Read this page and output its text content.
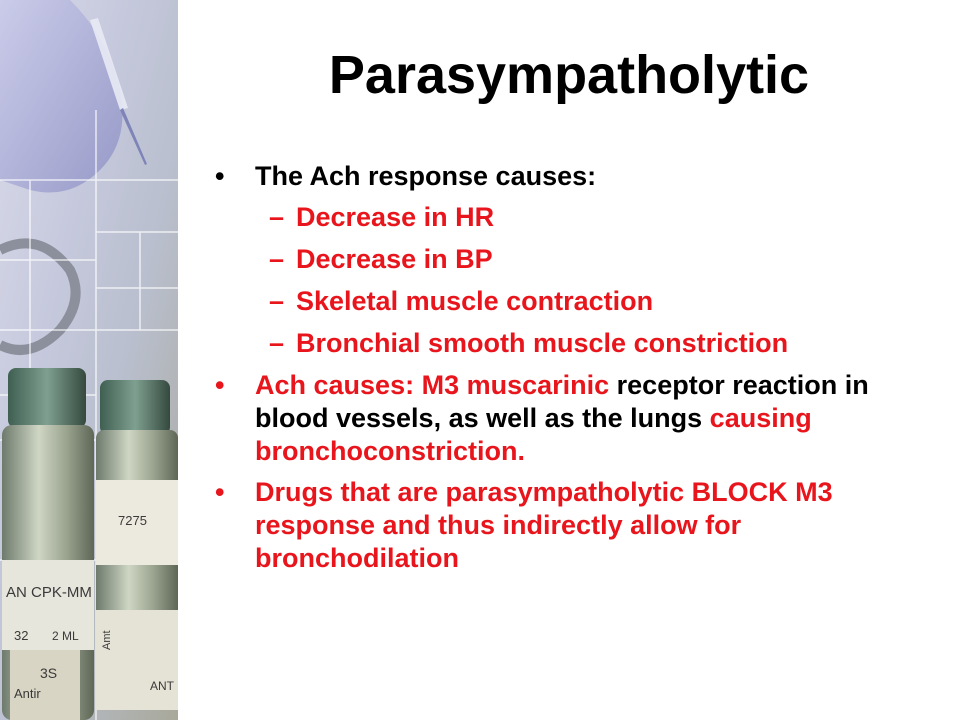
AN CPK-MM
32 2 ML Amt
7275
Antir
3S
ANT
Parasympatholytic
• The Ach response causes:
– Decrease in HR
– Decrease in BP
– Skeletal muscle contraction
– Bronchial smooth muscle constriction
• Ach causes: M3 muscarinic receptor reaction in blood vessels, as well as the lungs causing bronchoconstriction.
• Drugs that are parasympatholytic BLOCK M3 response and thus indirectly allow for bronchodilation
